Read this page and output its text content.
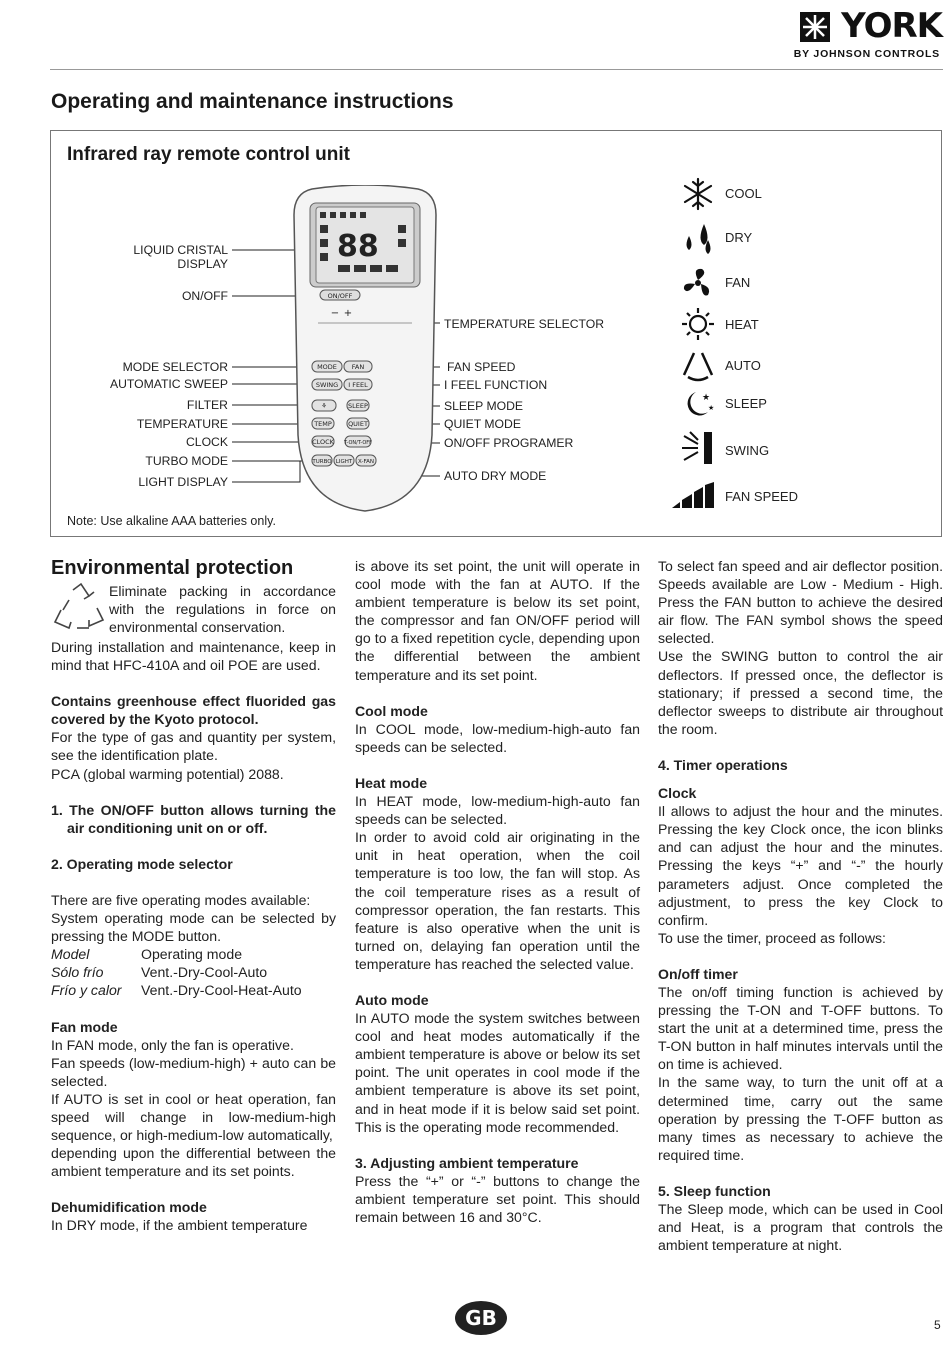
YORK
BY JOHNSON CONTROLS
Operating and maintenance instructions
Infrared ray remote control unit
LIQUID CRISTAL
DISPLAY
ON/OFF
MODE SELECTOR
AUTOMATIC SWEEP
FILTER
TEMPERATURE
CLOCK
TURBO MODE
LIGHT DISPLAY
TEMPERATURE SELECTOR
FAN SPEED
I FEEL FUNCTION
SLEEP MODE
QUIET MODE
ON/OFF PROGRAMER
AUTO DRY MODE
88
ON/OFF
− +
MODE FAN
SWING I FEEL
⚘	SLEEP
TEMP	QUIET
CLOCK T-ON/T-OFF
TURBO LIGHT X-FAN
COOL
DRY
FAN
HEAT
AUTO
★
★ SLEEP
SWING
FAN SPEED
Note: Use alkaline AAA batteries only.

Environmental protection

Eliminate packing in accordance with the regulations in force on environmental conservation.

During installation and maintenance, keep in mind that HFC-410A and oil POE are used.

Contains greenhouse effect fluorided gas covered by the Kyoto protocol.

For the type of gas and quantity per system, see the identification plate.

PCA (global warming potential) 2088.

1. The ON/OFF button allows turning the air conditioning unit on or off.

2. Operating mode selector

There are five operating modes available:

System operating mode can be selected by pressing the MODE button.

Model	Operating mode
Sólo frío	Vent.-Dry-Cool-Auto
Frío y calor	Vent.-Dry-Cool-Heat-Auto

Fan mode

In FAN mode, only the fan is operative.

Fan speeds (low-medium-high) + auto can be selected.

If AUTO is set in cool or heat operation, fan speed will change in low-medium-high sequence, or high-medium-low automatically,

depending upon the differential between the ambient temperature and its set points.

Dehumidification mode

In DRY mode, if the ambient temperature

is above its set point, the unit will operate in cool mode with the fan at AUTO. If the ambient temperature is below its set point, the compressor and fan ON/OFF period will go to a fixed repetition cycle, depending upon the differential between the ambient temperature and its set point.

Cool mode

In COOL mode, low-medium-high-auto fan speeds can be selected.

Heat mode

In HEAT mode, low-medium-high-auto fan speeds can be selected.

In order to avoid cold air originating in the unit in heat operation, when the coil temperature is too low, the fan will stop. As the coil temperature rises as a result of compressor operation, the fan restarts. This feature is also operative when the unit is turned on, delaying fan operation until the temperature has reached the selected value.

Auto mode

In AUTO mode the system switches between cool and heat modes automatically if the ambient temperature is above or below its set point. The unit operates in cool mode if the ambient temperature is above its set point, and in heat mode if it is below said set point. This is the operating mode recommended.

3. Adjusting ambient temperature

Press the “+” or “-” buttons to change the ambient temperature set point. This should remain between 16 and 30°C.

To select fan speed and air deflector position. Speeds available are Low - Medium - High. Press the FAN button to achieve the desired air flow. The FAN symbol shows the speed selected.

Use the SWING button to control the air deflectors. If pressed once, the deflector is stationary; if pressed a second time, the deflector sweeps to distribute air throughout the room.

4. Timer operations

Clock

Il allows to adjust the hour and the minutes. Pressing the key Clock once, the icon blinks and can adjust the hour and the minutes. Pressing the keys “+” and “-” the hourly parameters adjust. Once completed the adjustment, to press the key Clock to confirm.

To use the timer, proceed as follows:

On/off timer

The on/off timing function is achieved by pressing the T-ON and T-OFF buttons. To start the unit at a determined time, press the T-ON button in half minutes intervals until the on time is achieved.

In the same way, to turn the unit off at a determined time, carry out the same operation by pressing the T-OFF button as many times as necessary to achieve the required time.

5. Sleep function

The Sleep mode, which can be used in Cool and Heat, is a program that controls the ambient temperature at night.

GB	5
